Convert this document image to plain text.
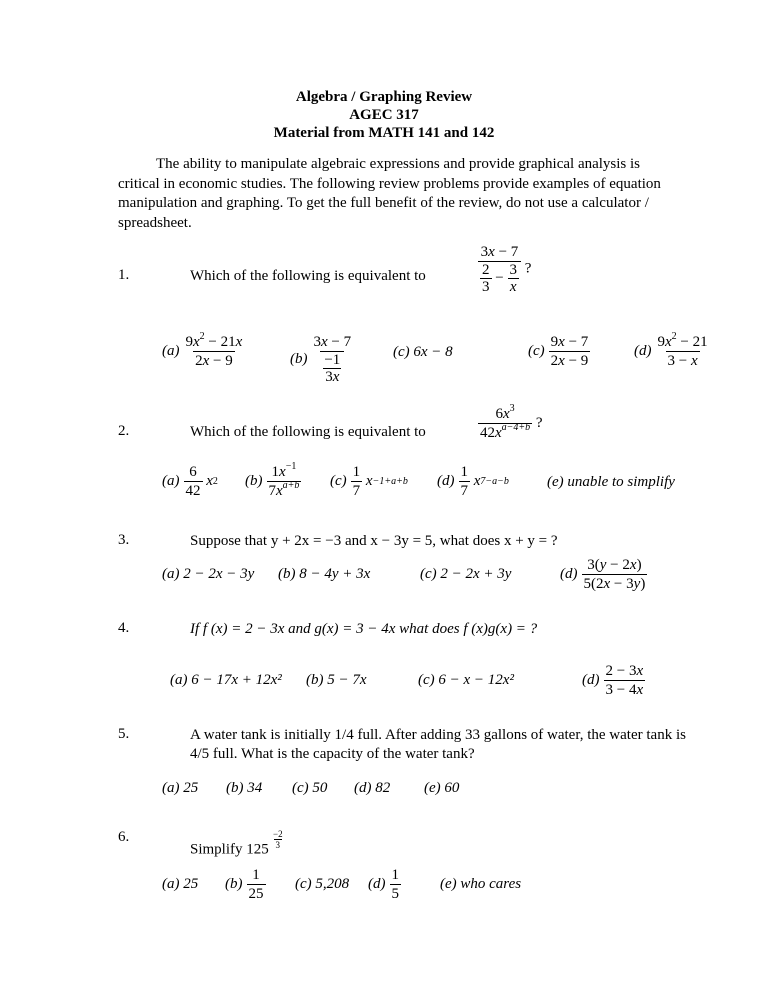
Algebra / Graphing Review
AGEC 317
Material from MATH 141 and 142
The ability to manipulate algebraic expressions and provide graphical analysis is critical in economic studies. The following review problems provide examples of equation manipulation and graphing. To get the full benefit of the review, do not use a calculator / spreadsheet.
1.	Which of the following is equivalent to	$\frac{3x - 7}{\frac{2}{3} - \frac{3}{x}}$ ?
$(a) \frac{9x^2 - 21x}{2x - 9}$	$(b) \frac{3x - 7}{\frac{-1}{3x}}$	(c) 6x − 8	$(c) \frac{9x - 7}{2x - 9}$	$(d) \frac{9x^2 - 21}{3 - x}$
2.	Which of the following is equivalent to	$\frac{6x^3}{42x^{a-4+b}}$ ?
$(a) \frac{6}{42}$ x 2 $(b) \frac{1x^{-1}}{7x^{a+b}} (c) \frac{1}{7}$ x −1+a+b $(d) \frac{1}{7}$ x 7−a−b	(e) unable to simplify
3.	Suppose that y + 2x = −3 and x − 3y = 5, what does x + y = ?
(a) 2 − 2x − 3y (b) 8 − 4y + 3x	(c) 2 − 2x + 3y	$(d) \frac{3(y - 2x)}{5(2x - 3y)}$
4.	If f (x) = 2 − 3x and g(x) = 3 − 4x what does f (x)g(x) = ?
(a) 6 − 17x + 12x² (b) 5 − 7x	(c) 6 − x − 12x²	$(d) \frac{2 - 3x}{3 - 4x}$
5.	A water tank is initially 1/4 full. After adding 33 gallons of water, the water tank is 4/5 full. What is the capacity of the water tank?
(a) 25 (b) 34 (c) 50 (d) 82 (e) 60
6.
Simplify 125 $^{\frac{-2}{3}}$
(a) 25 $(b) \frac{1}{25} (c)$ 5,208 $(d) \frac{1}{5}$	(e) who cares
